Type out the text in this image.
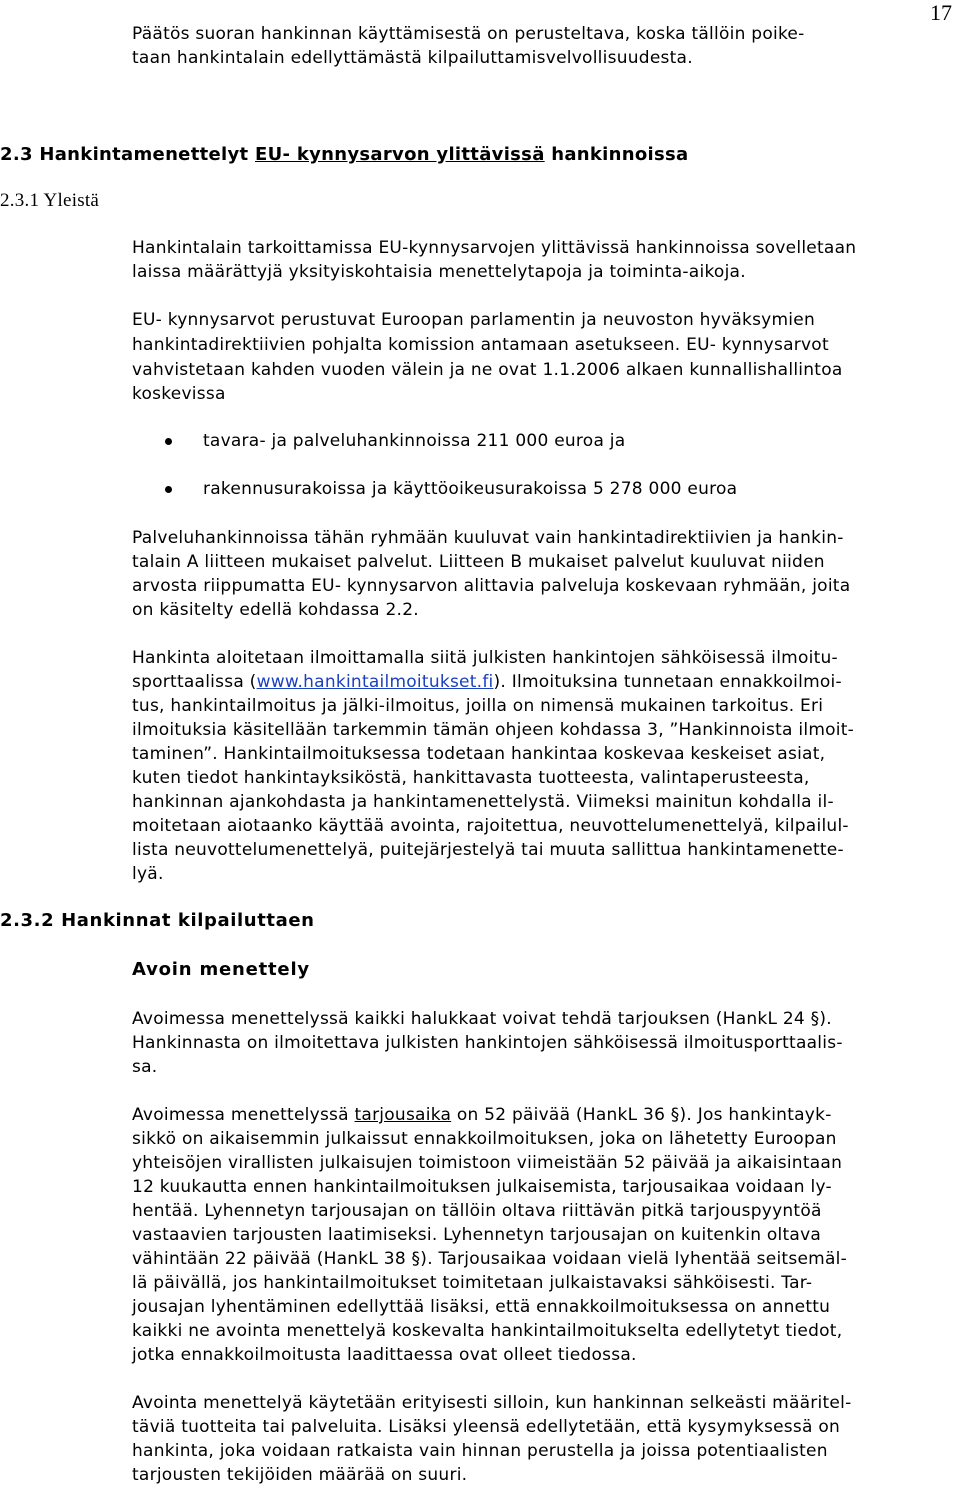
17
Päätös suoran hankinnan käyttämisestä on perusteltava, koska tällöin poike-
taan hankintalain edellyttämästä kilpailuttamisvelvollisuudesta.
2.3 Hankintamenettelyt EU- kynnysarvon ylittävissä hankinnoissa
2.3.1 Yleistä
Hankintalain tarkoittamissa EU-kynnysarvojen ylittävissä hankinnoissa sovelletaan
laissa määrättyjä yksityiskohtaisia menettelytapoja ja toiminta-aikoja.
EU- kynnysarvot perustuvat Euroopan parlamentin ja neuvoston hyväksymien
hankintadirektiivien pohjalta komission antamaan asetukseen. EU- kynnysarvot
vahvistetaan kahden vuoden välein ja ne ovat 1.1.2006 alkaen kunnallishallintoa
koskevissa
tavara- ja palveluhankinnoissa 211 000 euroa ja
rakennusurakoissa ja käyttöoikeusurakoissa 5 278 000 euroa
Palveluhankinnoissa tähän ryhmään kuuluvat vain hankintadirektiivien ja hankin-
talain A liitteen mukaiset palvelut. Liitteen B mukaiset palvelut kuuluvat niiden
arvosta riippumatta EU- kynnysarvon alittavia palveluja koskevaan ryhmään, joita
on käsitelty edellä kohdassa 2.2.
Hankinta aloitetaan ilmoittamalla siitä julkisten hankintojen sähköisessä ilmoitu-
sporttaalissa (www.hankintailmoitukset.fi). Ilmoituksina tunnetaan ennakkoilmoi-
tus, hankintailmoitus ja jälki-ilmoitus, joilla on nimensä mukainen tarkoitus. Eri
ilmoituksia käsitellään tarkemmin tämän ohjeen kohdassa 3, ”Hankinnoista ilmoit-
taminen”. Hankintailmoituksessa todetaan hankintaa koskevaa keskeiset asiat,
kuten tiedot hankintayksiköstä, hankittavasta tuotteesta, valintaperusteesta,
hankinnan ajankohdasta ja hankintamenettelystä. Viimeksi mainitun kohdalla il-
moitetaan aiotaanko käyttää avointa, rajoitettua, neuvottelumenettelyä, kilpailul-
lista neuvottelumenettelyä, puitejärjestelyä tai muuta sallittua hankintamenette-
lyä.
2.3.2 Hankinnat kilpailuttaen
Avoin menettely
Avoimessa menettelyssä kaikki halukkaat voivat tehdä tarjouksen (HankL 24 §).
Hankinnasta on ilmoitettava julkisten hankintojen sähköisessä ilmoitusporttaalis-
sa.
Avoimessa menettelyssä tarjousaika on 52 päivää (HankL 36 §). Jos hankintayk-
sikkö on aikaisemmin julkaissut ennakkoilmoituksen, joka on lähetetty Euroopan
yhteisöjen virallisten julkaisujen toimistoon viimeistään 52 päivää ja aikaisintaan
12 kuukautta ennen hankintailmoituksen julkaisemista, tarjousaikaa voidaan ly-
hentää. Lyhennetyn tarjousajan on tällöin oltava riittävän pitkä tarjouspyyntöä
vastaavien tarjousten laatimiseksi. Lyhennetyn tarjousajan on kuitenkin oltava
vähintään 22 päivää (HankL 38 §). Tarjousaikaa voidaan vielä lyhentää seitsemäl-
lä päivällä, jos hankintailmoitukset toimitetaan julkaistavaksi sähköisesti. Tar-
jousajan lyhentäminen edellyttää lisäksi, että ennakkoilmoituksessa on annettu
kaikki ne avointa menettelyä koskevalta hankintailmoitukselta edellytetyt tiedot,
jotka ennakkoilmoitusta laadittaessa ovat olleet tiedossa.
Avointa menettelyä käytetään erityisesti silloin, kun hankinnan selkeästi määritel-
täviä tuotteita tai palveluita. Lisäksi yleensä edellytetään, että kysymyksessä on
hankinta, joka voidaan ratkaista vain hinnan perustella ja joissa potentiaalisten
tarjousten tekijöiden määrää on suuri.
